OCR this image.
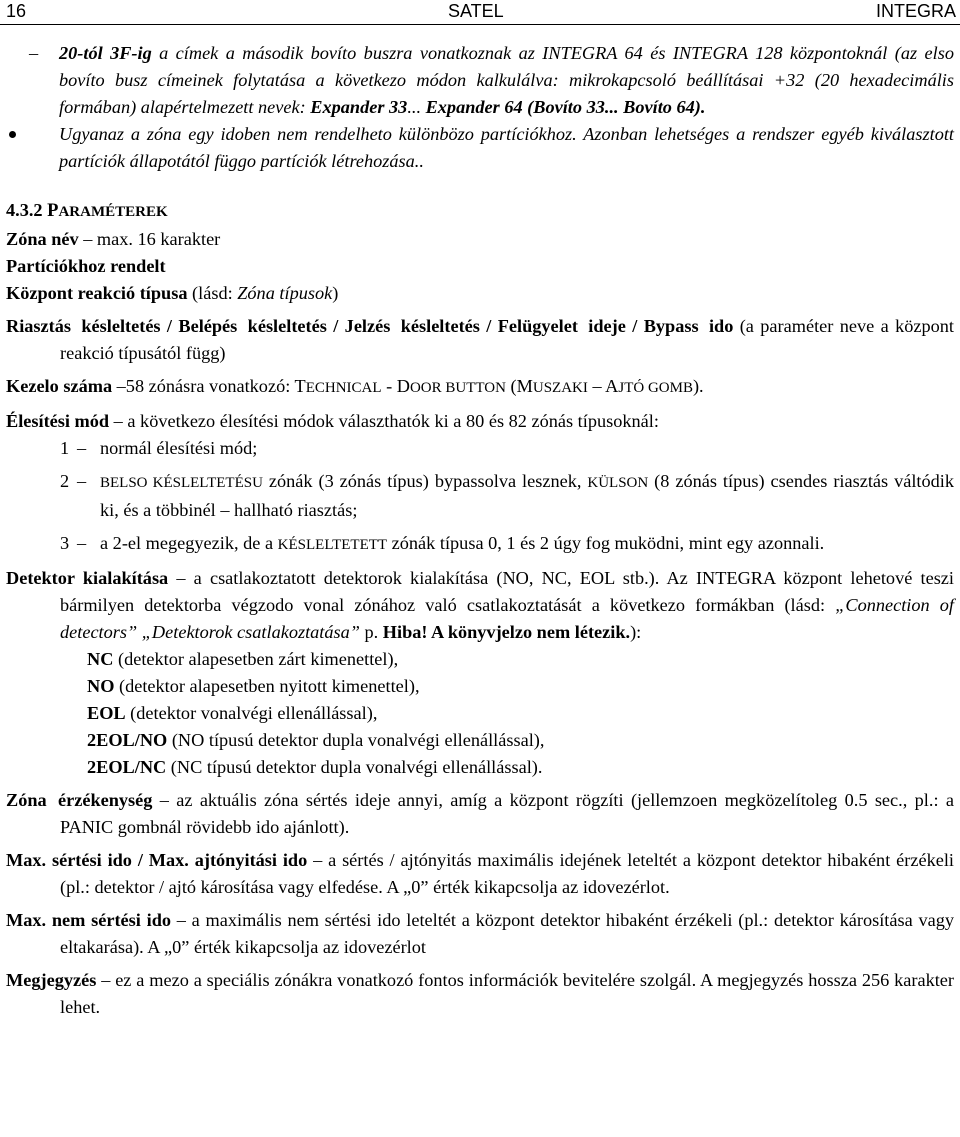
16	SATEL	INTEGRA

– 20-tól 3F-ig a címek a második bovíto buszra vonatkoznak az INTEGRA 64 és INTEGRA 128 központoknál (az elso bovíto busz címeinek folytatása a következo módon kalkulálva: mikrokapcsoló beállításai +32 (20 hexadecimális formában) alapértelmezett nevek: Expander 33... Expander 64 (Bovíto 33... Bovíto 64).

Ugyanaz a zóna egy idoben nem rendelheto különbözo partíciókhoz. Azonban lehetséges a rendszer egyéb kiválasztott partíciók állapotától függo partíciók létrehozása..

4.3.2 PARAMÉTEREK

Zóna név – max. 16 karakter

Partíciókhoz rendelt

Központ reakció típusa (lásd: Zóna típusok)

Riasztás késleltetés / Belépés késleltetés / Jelzés késleltetés / Felügyelet ideje / Bypass ido (a paraméter neve a központ reakció típusától függ)

Kezelo száma –58 zónásra vonatkozó: TECHNICAL - DOOR BUTTON (MUSZAKI – AJTÓ GOMB).

Élesítési mód – a következo élesítési módok választhatók ki a 80 és 82 zónás típusoknál:

1 – normál élesítési mód;

2 – BELSO KÉSLELTETÉSU zónák (3 zónás típus) bypassolva lesznek, KÜLSON (8 zónás típus) csendes riasztás váltódik ki, és a többinél – hallható riasztás;

3 – a 2-el megegyezik, de a KÉSLELTETETT zónák típusa 0, 1 és 2 úgy fog muködni, mint egy azonnali.

Detektor kialakítása – a csatlakoztatott detektorok kialakítása (NO, NC, EOL stb.). Az INTEGRA központ lehetové teszi bármilyen detektorba végzodo vonal zónához való csatlakoztatását a következo formákban (lásd: „Connection of detectors” „Detektorok csatlakoztatása” p. Hiba! A könyvjelzo nem létezik.):

NC (detektor alapesetben zárt kimenettel),
NO (detektor alapesetben nyitott kimenettel),
EOL (detektor vonalvégi ellenállással),
2EOL/NO (NO típusú detektor dupla vonalvégi ellenállással),
2EOL/NC (NC típusú detektor dupla vonalvégi ellenállással).

Zóna érzékenység – az aktuális zóna sértés ideje annyi, amíg a központ rögzíti (jellemzoen megközelítoleg 0.5 sec., pl.: a PANIC gombnál rövidebb ido ajánlott).

Max. sértési ido / Max. ajtónyitási ido – a sértés / ajtónyitás maximális idejének leteltét a központ detektor hibaként érzékeli (pl.: detektor / ajtó károsítása vagy elfedése. A „0” érték kikapcsolja az idovezérlot.

Max. nem sértési ido – a maximális nem sértési ido leteltét a központ detektor hibaként érzékeli (pl.: detektor károsítása vagy eltakarása). A „0” érték kikapcsolja az idovezérlot

Megjegyzés – ez a mezo a speciális zónákra vonatkozó fontos információk bevitelére szolgál. A megjegyzés hossza 256 karakter lehet.
